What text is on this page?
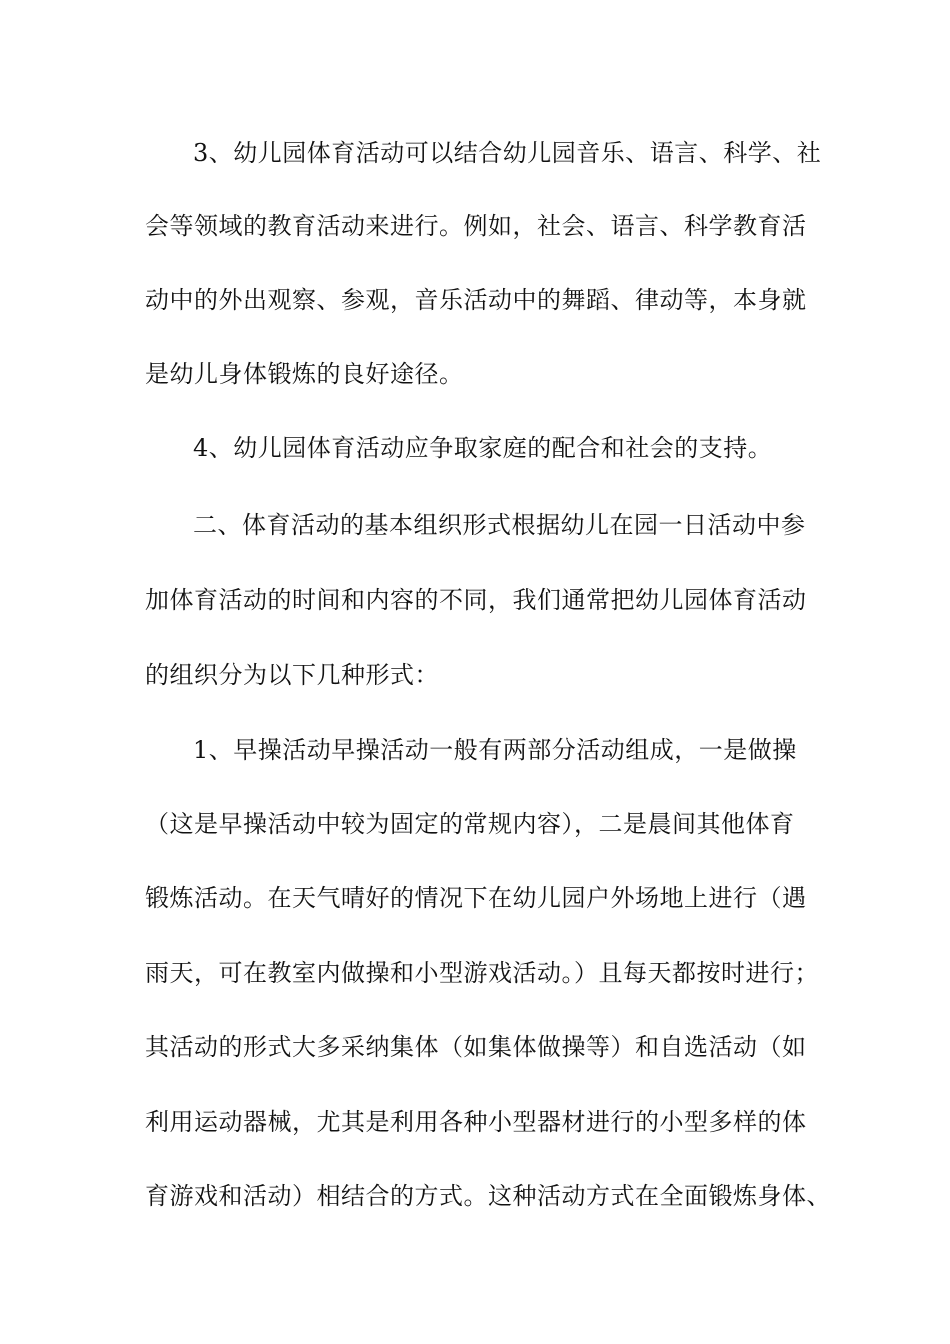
3、幼儿园体育活动可以结合幼儿园音乐、语言、科学、社
会等领域的教育活动来进行。例如，社会、语言、科学教育活
动中的外出观察、参观，音乐活动中的舞蹈、律动等，本身就
是幼儿身体锻炼的良好途径。
4、幼儿园体育活动应争取家庭的配合和社会的支持。
二、体育活动的基本组织形式根据幼儿在园一日活动中参
加体育活动的时间和内容的不同，我们通常把幼儿园体育活动
的组织分为以下几种形式：
1、早操活动早操活动一般有两部分活动组成，一是做操
（这是早操活动中较为固定的常规内容），二是晨间其他体育
锻炼活动。在天气晴好的情况下在幼儿园户外场地上进行（遇
雨天，可在教室内做操和小型游戏活动。）且每天都按时进行；
其活动的形式大多采纳集体（如集体做操等）和自选活动（如
利用运动器械，尤其是利用各种小型器材进行的小型多样的体
育游戏和活动）相结合的方式。这种活动方式在全面锻炼身体、
